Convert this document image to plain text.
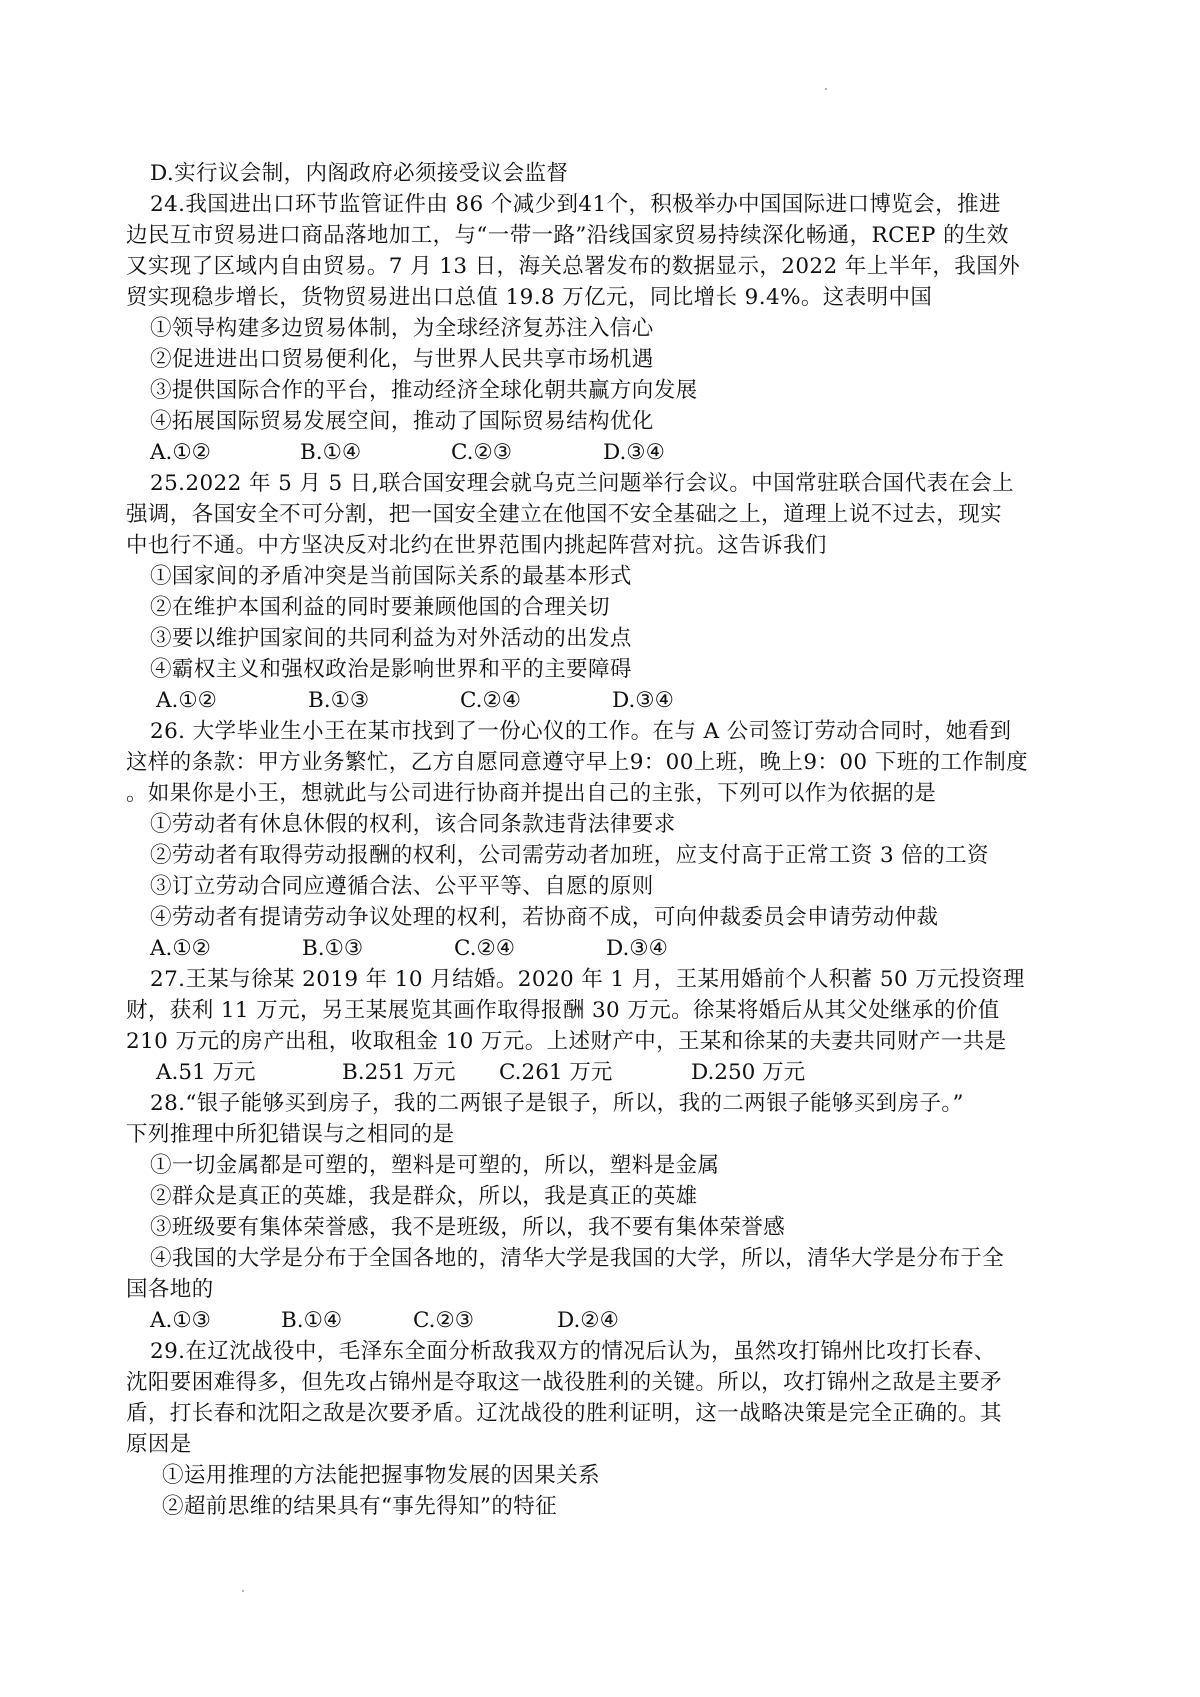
D.实行议会制，内阁政府必须接受议会监督
24.我国进出口环节监管证件由 86 个减少到41个，积极举办中国国际进口博览会，推进
边民互市贸易进口商品落地加工，与“一带一路”沿线国家贸易持续深化畅通，RCEP 的生效
又实现了区域内自由贸易。7 月 13 日，海关总署发布的数据显示，2022 年上半年，我国外
贸实现稳步增长，货物贸易进出口总值 19.8 万亿元，同比增长 9.4%。这表明中国
①领导构建多边贸易体制，为全球经济复苏注入信心
②促进进出口贸易便利化，与世界人民共享市场机遇
③提供国际合作的平台，推动经济全球化朝共赢方向发展
④拓展国际贸易发展空间，推动了国际贸易结构优化
A.①②	B.①④	C.②③	D.③④
25.2022 年 5 月 5 日,联合国安理会就乌克兰问题举行会议。中国常驻联合国代表在会上
强调，各国安全不可分割，把一国安全建立在他国不安全基础之上，道理上说不过去，现实
中也行不通。中方坚决反对北约在世界范围内挑起阵营对抗。这告诉我们
①国家间的矛盾冲突是当前国际关系的最基本形式
②在维护本国利益的同时要兼顾他国的合理关切
③要以维护国家间的共同利益为对外活动的出发点
④霸权主义和强权政治是影响世界和平的主要障碍
A.①②	B.①③	C.②④	D.③④
26. 大学毕业生小王在某市找到了一份心仪的工作。在与 A 公司签订劳动合同时，她看到
这样的条款：甲方业务繁忙，乙方自愿同意遵守早上9：00上班，晚上9：00 下班的工作制度
。如果你是小王，想就此与公司进行协商并提出自己的主张，下列可以作为依据的是
①劳动者有休息休假的权利，该合同条款违背法律要求
②劳动者有取得劳动报酬的权利，公司需劳动者加班，应支付高于正常工资 3 倍的工资
③订立劳动合同应遵循合法、公平平等、自愿的原则
④劳动者有提请劳动争议处理的权利，若协商不成，可向仲裁委员会申请劳动仲裁
A.①②	B.①③	C.②④	D.③④
27.王某与徐某 2019 年 10 月结婚。2020 年 1 月，王某用婚前个人积蓄 50 万元投资理
财，获利 11 万元，另王某展览其画作取得报酬 30 万元。徐某将婚后从其父处继承的价值
210 万元的房产出租，收取租金 10 万元。上述财产中，王某和徐某的夫妻共同财产一共是
A.51 万元	B.251 万元 C.261 万元	D.250 万元
28.“银子能够买到房子，我的二两银子是银子，所以，我的二两银子能够买到房子。”
下列推理中所犯错误与之相同的是
①一切金属都是可塑的，塑料是可塑的，所以，塑料是金属
②群众是真正的英雄，我是群众，所以，我是真正的英雄
③班级要有集体荣誉感，我不是班级，所以，我不要有集体荣誉感
④我国的大学是分布于全国各地的，清华大学是我国的大学，所以，清华大学是分布于全
国各地的
A.①③	B.①④	C.②③	D.②④
29.在辽沈战役中，毛泽东全面分析敌我双方的情况后认为，虽然攻打锦州比攻打长春、
沈阳要困难得多，但先攻占锦州是夺取这一战役胜利的关键。所以，攻打锦州之敌是主要矛
盾，打长春和沈阳之敌是次要矛盾。辽沈战役的胜利证明，这一战略决策是完全正确的。其
原因是
①运用推理的方法能把握事物发展的因果关系
②超前思维的结果具有“事先得知”的特征
